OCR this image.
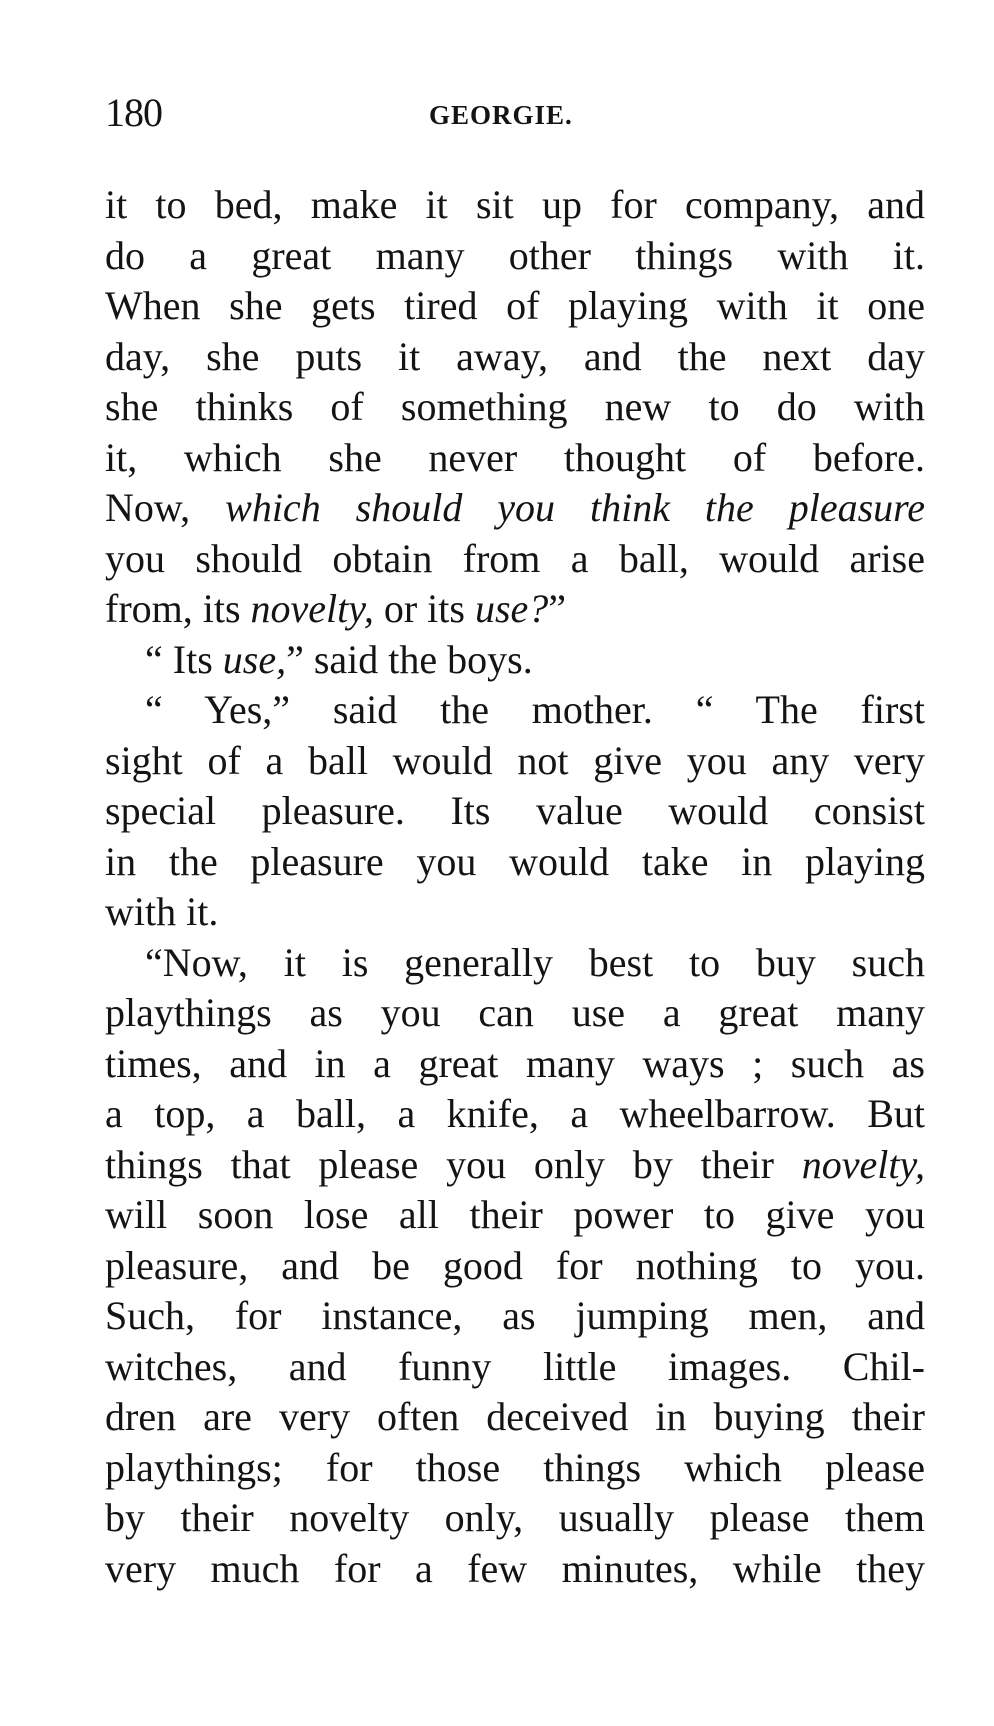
180	GEORGIE.
it to bed, make it sit up for company, and
do a great many other things with it.
When she gets tired of playing with it one
day, she puts it away, and the next day
she thinks of something new to do with
it, which she never thought of before.
Now, which should you think the pleasure
you should obtain from a ball, would arise
from, its novelty, or its use?”
“ Its use,” said the boys.
“ Yes,” said the mother. “ The first
sight of a ball would not give you any very
special pleasure. Its value would consist
in the pleasure you would take in playing
with it.
“Now, it is generally best to buy such
playthings as you can use a great many
times, and in a great many ways ; such as
a top, a ball, a knife, a wheelbarrow. But
things that please you only by their novelty,
will soon lose all their power to give you
pleasure, and be good for nothing to you.
Such, for instance, as jumping men, and
witches, and funny little images. Chil-
dren are very often deceived in buying their
playthings; for those things which please
by their novelty only, usually please them
very much for a few minutes, while they
